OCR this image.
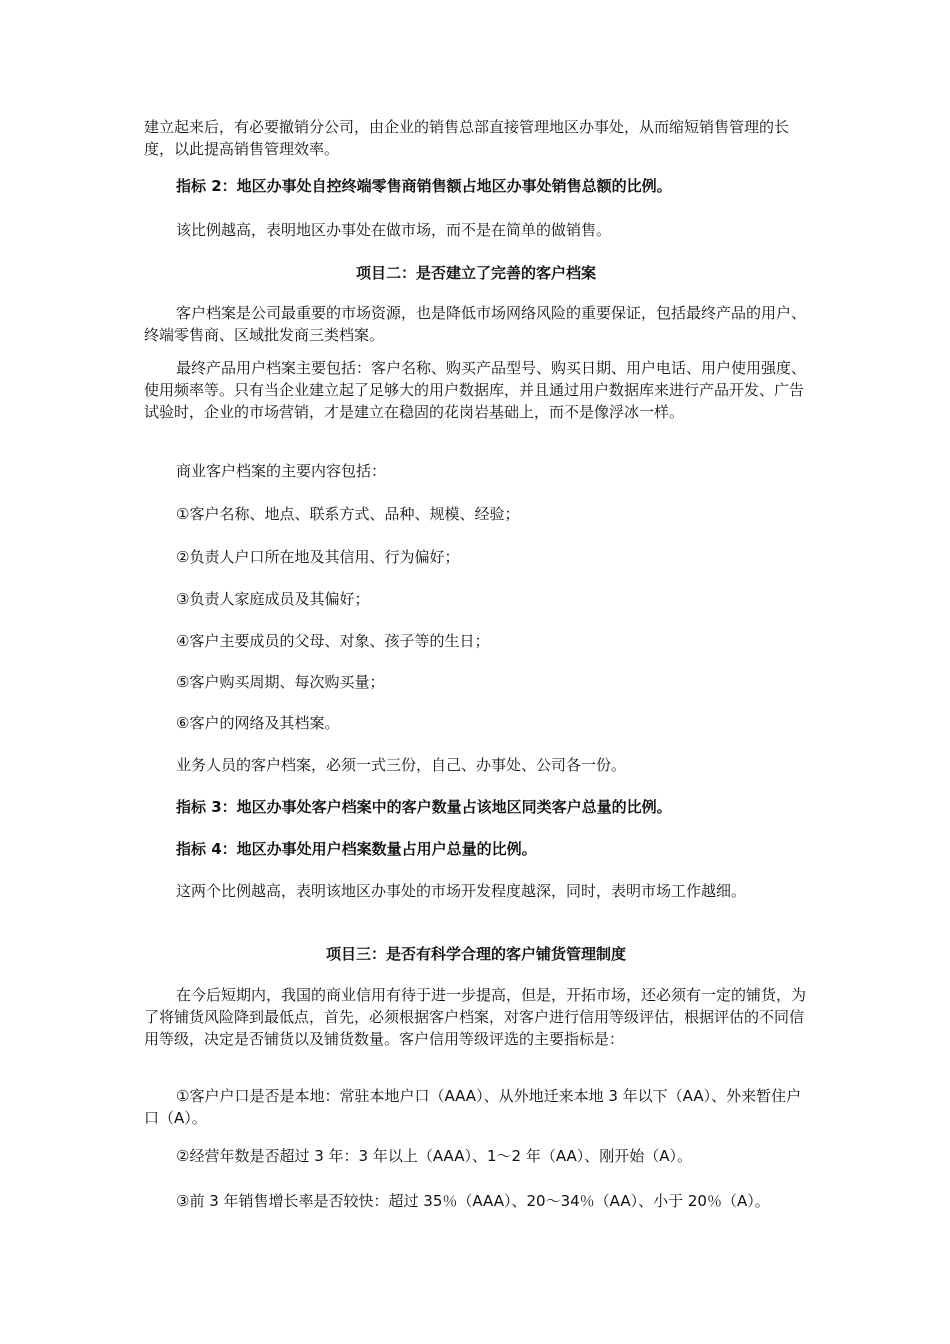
建立起来后，有必要撤销分公司，由企业的销售总部直接管理地区办事处，从而缩短销售管理的长度，以此提高销售管理效率。

指标 2：地区办事处自控终端零售商销售额占地区办事处销售总额的比例。

该比例越高，表明地区办事处在做市场，而不是在简单的做销售。

项目二：是否建立了完善的客户档案

客户档案是公司最重要的市场资源，也是降低市场网络风险的重要保证，包括最终产品的用户、终端零售商、区域批发商三类档案。

最终产品用户档案主要包括：客户名称、购买产品型号、购买日期、用户电话、用户使用强度、使用频率等。只有当企业建立起了足够大的用户数据库，并且通过用户数据库来进行产品开发、广告试验时，企业的市场营销，才是建立在稳固的花岗岩基础上，而不是像浮冰一样。

商业客户档案的主要内容包括：

①客户名称、地点、联系方式、品种、规模、经验；

②负责人户口所在地及其信用、行为偏好；

③负责人家庭成员及其偏好；

④客户主要成员的父母、对象、孩子等的生日；

⑤客户购买周期、每次购买量；

⑥客户的网络及其档案。

业务人员的客户档案，必须一式三份，自己、办事处、公司各一份。

指标 3：地区办事处客户档案中的客户数量占该地区同类客户总量的比例。

指标 4：地区办事处用户档案数量占用户总量的比例。

这两个比例越高，表明该地区办事处的市场开发程度越深，同时，表明市场工作越细。

项目三：是否有科学合理的客户铺货管理制度

在今后短期内，我国的商业信用有待于进一步提高，但是，开拓市场，还必须有一定的铺货，为了将铺货风险降到最低点，首先，必须根据客户档案，对客户进行信用等级评估，根据评估的不同信用等级，决定是否铺货以及铺货数量。客户信用等级评选的主要指标是：

①客户户口是否是本地：常驻本地户口（AAA）、从外地迁来本地 3 年以下（AA）、外来暂住户口（A）。

②经营年数是否超过 3 年：3 年以上（AAA）、1～2 年（AA）、刚开始（A）。

③前 3 年销售增长率是否较快：超过 35％（AAA）、20～34％（AA）、小于 20％（A）。
